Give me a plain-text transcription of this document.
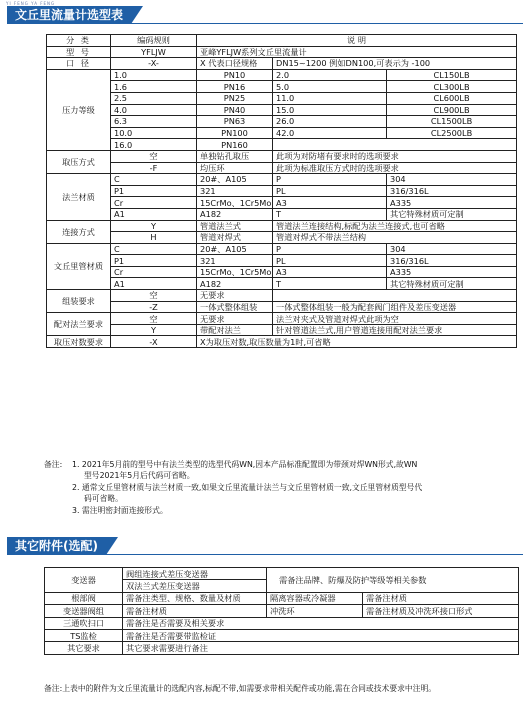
YI FENG YA FENG
文丘里流量计选型表
分 类	编码规则	说 明		
型 号	YFLJW	亚峰YFLJW系列文丘里流量计		
口 径	-X-	X 代表口径规格	DN15~1200 例如DN100,可表示为 -100	
压力等级	1.0	PN10	2.0	CL150LB
	1.6	PN16	5.0	CL300LB
	2.5	PN25	11.0	CL600LB
	4.0	PN40	15.0	CL900LB
	6.3	PN63	26.0	CL1500LB
	10.0	PN100	42.0	CL2500LB
	16.0	PN160		
取压方式	空	单独钻孔取压	此项为对防堵有要求时的选项要求	
	-F	均压环	此项为标准取压方式时的选项要求	
法兰材质	C	20#、A105	P	304
	P1	321	PL	316/316L
	Cr	15CrMo、1Cr5Mo	A3	A335
	A1	A182	T	其它特殊材质可定制
连接方式	Y	管道法兰式	管道法兰连接结构,标配为法兰连接式,也可省略	
	H	管道对焊式	管道对焊式不带法兰结构	
文丘里管材质	C	20#、A105	P	304
	P1	321	PL	316/316L
	Cr	15CrMo、1Cr5Mo	A3	A335
	A1	A182	T	其它特殊材质可定制
组装要求	空	无要求		
	-Z	一体式整体组装	一体式整体组装一般为配套阀门组件及差压变送器	
配对法兰要求	空	无要求	法兰对夹式及管道对焊式此项为空	
	Y	带配对法兰	针对管道法兰式,用户管道连接用配对法兰要求	
取压对数要求	-X	X为取压对数,取压数量为1时,可省略		
备注:	1. 2021年5月前的型号中有法兰类型的选型代码WN,因本产品标准配置即为带颈对焊WN形式,故WN
型号2021年5月后代码可省略。
2. 通常文丘里管材质与法兰材质一致,如果文丘里流量计法兰与文丘里管材质一致,文丘里管材质型号代
码可省略。
3. 需注明密封面连接形式。
其它附件(选配)
变送器	阀组连接式差压变送器	需备注品牌、防爆及防护等级等相关参数	
	双法兰式差压变送器		
根部阀	需备注类型、规格、数量及材质	隔离容器或冷凝器	需备注材质
变送器阀组	需备注材质	冲洗环	需备注材质及冲洗环接口形式
三通吹扫口	需备注是否需要及相关要求		
TS监检	需备注是否需要带监检证		
其它要求	其它要求需要进行备注		
备注:上表中的附件为文丘里流量计的选配内容,标配不带,如需要求带相关配件或功能,需在合同或技术要求中注明。
